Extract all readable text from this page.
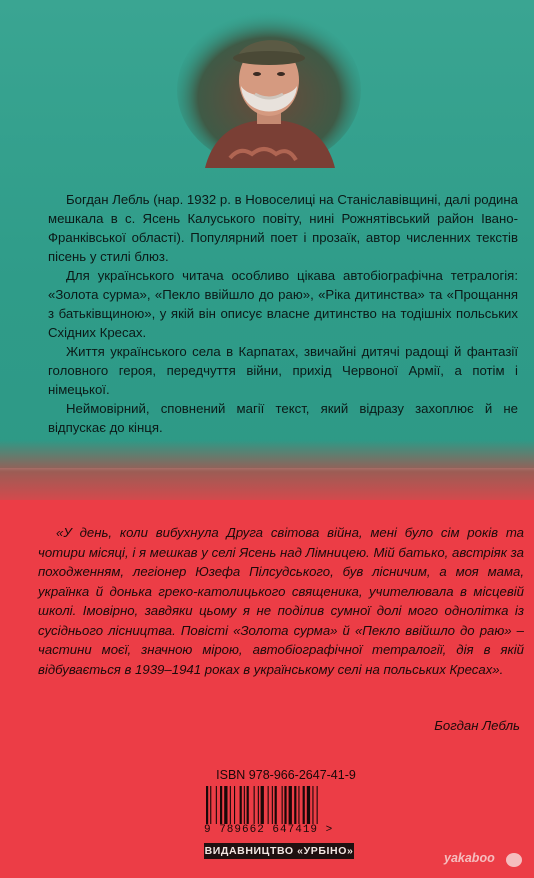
Богдан Лебль (нар. 1932 р. в Новоселиці на Станіславівщині, далі родина мешкала в с. Ясень Калуського повіту, нині Рожнятівський район Івано-Франківської області). Популярний поет і прозаїк, автор численних текстів пісень у стилі блюз.

Для українського читача особливо цікава автобіографічна тетралогія: «Золота сурма», «Пекло ввійшло до раю», «Ріка дитинства» та «Прощання з батьківщиною», у якій він описує власне дитинство на тодішніх польських Східних Кресах.

Життя українського села в Карпатах, звичайні дитячі радощі й фантазії головного героя, передчуття війни, прихід Червоної Армії, а потім і німецької.

Неймовірний, сповнений магії текст, який відразу захоплює й не відпускає до кінця.

«У день, коли вибухнула Друга світова війна, мені було сім років та чотири місяці, і я мешкав у селі Ясень над Лімницею. Мій батько, австріяк за походженням, легіонер Юзефа Пілсудського, був лісничим, а моя мама, українка й донька греко-католицького священика, учителювала в місцевій школі. Імовірно, завдяки цьому я не поділив сумної долі мого однолітка із сусіднього лісництва. Повісті «Золота сурма» й «Пекло ввійшло до раю» – частини моєї, значною мірою, автобіографічної тетралогії, дія в якій відбувається в 1939–1941 роках в українському селі на польських Кресах».

Богдан Лебль
ISBN 978-966-2647-41-9
9 789662 647419 >
ВИДАВНИЦТВО «УРБІНО»	yakaboo
